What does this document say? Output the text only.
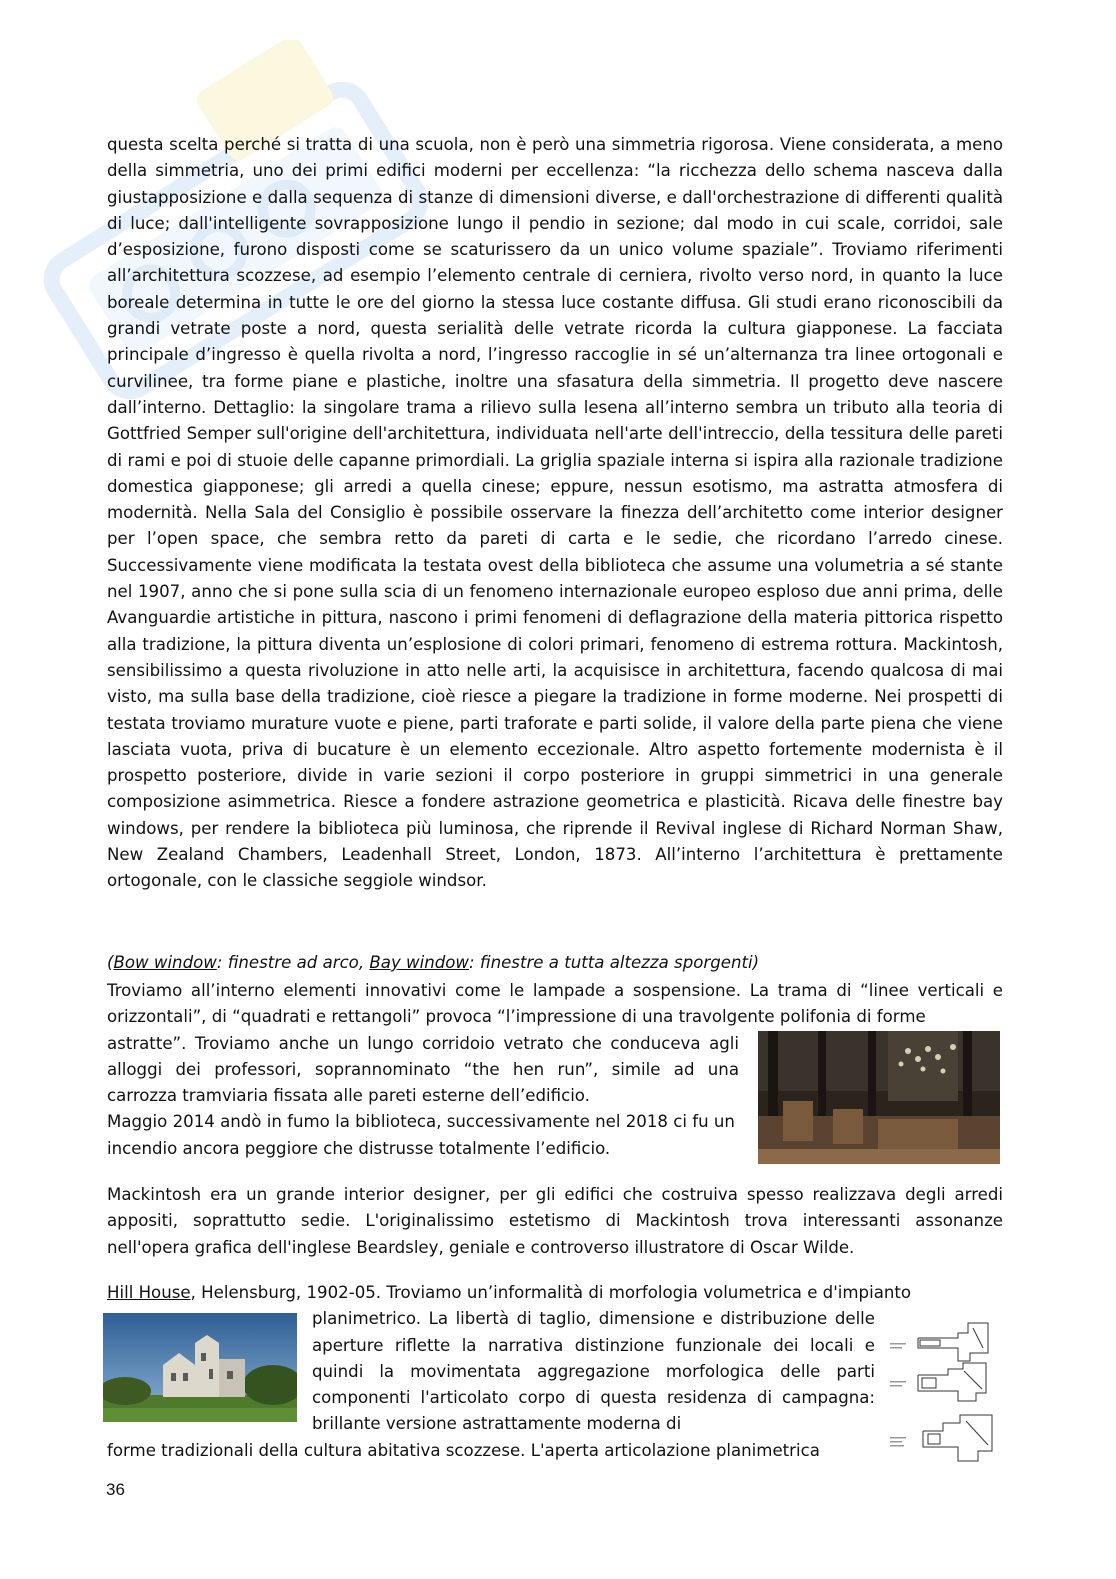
questa scelta perché si tratta di una scuola, non è però una simmetria rigorosa. Viene considerata, a meno della simmetria, uno dei primi edifici moderni per eccellenza: “la ricchezza dello schema nasceva dalla giustapposizione e dalla sequenza di stanze di dimensioni diverse, e dall'orchestrazione di differenti qualità di luce; dall'intelligente sovrapposizione lungo il pendio in sezione; dal modo in cui scale, corridoi, sale d’esposizione, furono disposti come se scaturissero da un unico volume spaziale”. Troviamo riferimenti all’architettura scozzese, ad esempio l’elemento centrale di cerniera, rivolto verso nord, in quanto la luce boreale determina in tutte le ore del giorno la stessa luce costante diffusa. Gli studi erano riconoscibili da grandi vetrate poste a nord, questa serialità delle vetrate ricorda la cultura giapponese. La facciata principale d’ingresso è quella rivolta a nord, l’ingresso raccoglie in sé un’alternanza tra linee ortogonali e curvilinee, tra forme piane e plastiche, inoltre una sfasatura della simmetria. Il progetto deve nascere dall’interno. Dettaglio: la singolare trama a rilievo sulla lesena all’interno sembra un tributo alla teoria di Gottfried Semper sull'origine dell'architettura, individuata nell'arte dell'intreccio, della tessitura delle pareti di rami e poi di stuoie delle capanne primordiali. La griglia spaziale interna si ispira alla razionale tradizione domestica giapponese; gli arredi a quella cinese; eppure, nessun esotismo, ma astratta atmosfera di modernità. Nella Sala del Consiglio è possibile osservare la finezza dell’architetto come interior designer per l’open space, che sembra retto da pareti di carta e le sedie, che ricordano l’arredo cinese. Successivamente viene modificata la testata ovest della biblioteca che assume una volumetria a sé stante nel 1907, anno che si pone sulla scia di un fenomeno internazionale europeo esploso due anni prima, delle Avanguardie artistiche in pittura, nascono i primi fenomeni di deflagrazione della materia pittorica rispetto alla tradizione, la pittura diventa un’esplosione di colori primari, fenomeno di estrema rottura. Mackintosh, sensibilissimo a questa rivoluzione in atto nelle arti, la acquisisce in architettura, facendo qualcosa di mai visto, ma sulla base della tradizione, cioè riesce a piegare la tradizione in forme moderne. Nei prospetti di testata troviamo murature vuote e piene, parti traforate e parti solide, il valore della parte piena che viene lasciata vuota, priva di bucature è un elemento eccezionale. Altro aspetto fortemente modernista è il prospetto posteriore, divide in varie sezioni il corpo posteriore in gruppi simmetrici in una generale composizione asimmetrica. Riesce a fondere astrazione geometrica e plasticità. Ricava delle finestre bay windows, per rendere la biblioteca più luminosa, che riprende il Revival inglese di Richard Norman Shaw, New Zealand Chambers, Leadenhall Street, London, 1873. All’interno l’architettura è prettamente ortogonale, con le classiche seggiole windsor.

(Bow window: finestre ad arco, Bay window: finestre a tutta altezza sporgenti)

Troviamo all’interno elementi innovativi come le lampade a sospensione. La trama di “linee verticali e orizzontali”, di “quadrati e rettangoli” provoca “l’impressione di una travolgente polifonia di forme

astratte”. Troviamo anche un lungo corridoio vetrato che conduceva agli alloggi dei professori, soprannominato “the hen run”, simile ad una carrozza tramviaria fissata alle pareti esterne dell’edificio.

Maggio 2014 andò in fumo la biblioteca, successivamente nel 2018 ci fu un incendio ancora peggiore che distrusse totalmente l’edificio.

Mackintosh era un grande interior designer, per gli edifici che costruiva spesso realizzava degli arredi appositi, soprattutto sedie. L'originalissimo estetismo di Mackintosh trova interessanti assonanze nell'opera grafica dell'inglese Beardsley, geniale e controverso illustratore di Oscar Wilde.

Hill House, Helensburg, 1902-05. Troviamo un’informalità di morfologia volumetrica e d'impianto

planimetrico. La libertà di taglio, dimensione e distribuzione delle aperture riflette la narrativa distinzione funzionale dei locali e quindi la movimentata aggregazione morfologica delle parti componenti l'articolato corpo di questa residenza di campagna: brillante versione astrattamente moderna di

forme tradizionali della cultura abitativa scozzese. L'aperta articolazione planimetrica

36
